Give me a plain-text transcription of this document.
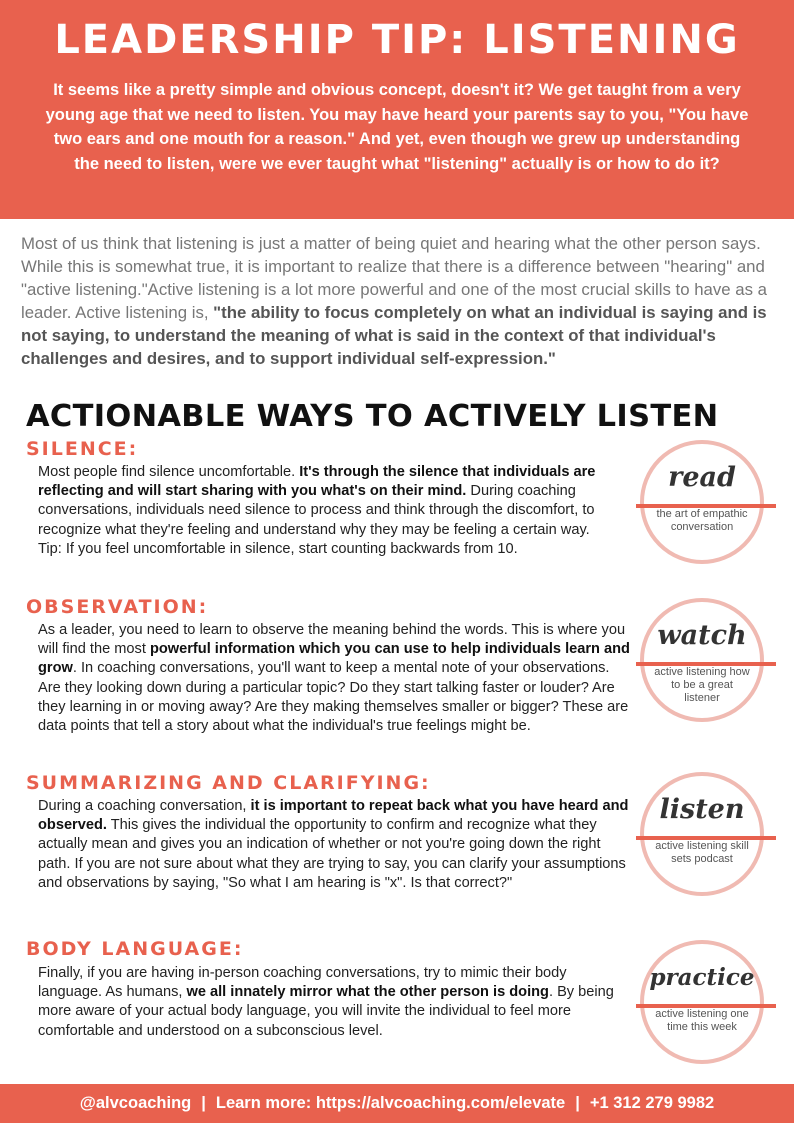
LEADERSHIP TIP: LISTENING

It seems like a pretty simple and obvious concept, doesn't it? We get taught from a very young age that we need to listen. You may have heard your parents say to you, "You have two ears and one mouth for a reason." And yet, even though we grew up understanding the need to listen, were we ever taught what "listening" actually is or how to do it?

Most of us think that listening is just a matter of being quiet and hearing what the other person says. While this is somewhat true, it is important to realize that there is a difference between "hearing" and "active listening."Active listening is a lot more powerful and one of the most crucial skills to have as a leader. Active listening is, "the ability to focus completely on what an individual is saying and is not saying, to understand the meaning of what is said in the context of that individual's challenges and desires, and to support individual self-expression."
ACTIONABLE WAYS TO ACTIVELY LISTEN
SILENCE:
Most people find silence uncomfortable. It's through the silence that individuals are reflecting and will start sharing with you what's on their mind. During coaching conversations, individuals need silence to process and think through the discomfort, to recognize what they're feeling and understand why they may be feeling a certain way.
Tip: If you feel uncomfortable in silence, start counting backwards from 10.
OBSERVATION:
As a leader, you need to learn to observe the meaning behind the words. This is where you will find the most powerful information which you can use to help individuals learn and grow. In coaching conversations, you'll want to keep a mental note of your observations. Are they looking down during a particular topic? Do they start talking faster or louder? Are they learning in or moving away? Are they making themselves smaller or bigger? These are data points that tell a story about what the individual's true feelings might be.
SUMMARIZING AND CLARIFYING:
During a coaching conversation, it is important to repeat back what you have heard and observed. This gives the individual the opportunity to confirm and recognize what they actually mean and gives you an indication of whether or not you're going down the right path. If you are not sure about what they are trying to say, you can clarify your assumptions and observations by saying, "So what I am hearing is "x". Is that correct?"
BODY LANGUAGE:
Finally, if you are having in-person coaching conversations, try to mimic their body language. As humans, we all innately mirror what the other person is doing. By being more aware of your actual body language, you will invite the individual to feel more comfortable and understood on a subconscious level.
read
the art of empathic conversation
watch
active listening how to be a great listener
listen
active listening skill sets podcast
practice
active listening one time this week
@alvcoaching | Learn more: https://alvcoaching.com/elevate | +1 312 279 9982
